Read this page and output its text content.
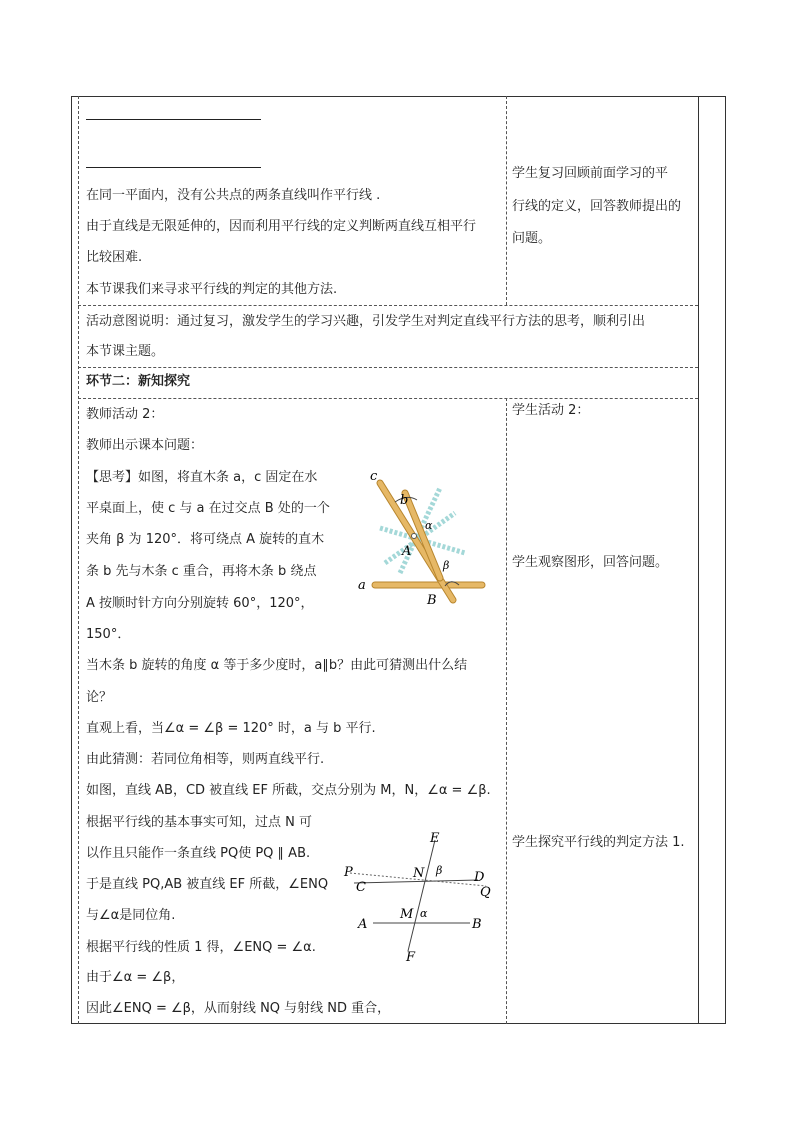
在同一平面内，没有公共点的两条直线叫作平行线 .
由于直线是无限延伸的，因而利用平行线的定义判断两直线互相平行
比较困难.
本节课我们来寻求平行线的判定的其他方法.
学生复习回顾前面学习的平
行线的定义，回答教师提出的
问题。
活动意图说明：通过复习，激发学生的学习兴趣，引发学生对判定直线平行方法的思考，顺利引出
本节课主题。
环节二：新知探究
教师活动 2：
教师出示课本问题：
【思考】如图，将直木条 a，c 固定在水
平桌面上，使 c 与 a 在过交点 B 处的一个
夹角 β 为 120°．将可绕点 A 旋转的直木
条 b 先与木条 c 重合，再将木条 b 绕点
A 按顺时针方向分别旋转 60°，120°，
150°．
当木条 b 旋转的角度 α 等于多少度时，a∥b？由此可猜测出什么结
论？
直观上看，当∠α = ∠β = 120° 时，a 与 b 平行.
由此猜测：若同位角相等，则两直线平行.
如图，直线 AB，CD 被直线 EF 所截，交点分别为 M，N，∠α = ∠β.
根据平行线的基本事实可知，过点 N 可
以作且只能作一条直线 PQ使 PQ ∥ AB.
于是直线 PQ,AB 被直线 EF 所截，∠ENQ
与∠α是同位角.
根据平行线的性质 1 得，∠ENQ = ∠α.
由于∠α = ∠β，
因此∠ENQ = ∠β，从而射线 NQ 与射线 ND 重合，
学生活动 2：
学生观察图形，回答问题。
学生探究平行线的判定方法 1.
c
b
α
A
β
a
B
E
F
P
C
N β D
Q
A
M α
B
